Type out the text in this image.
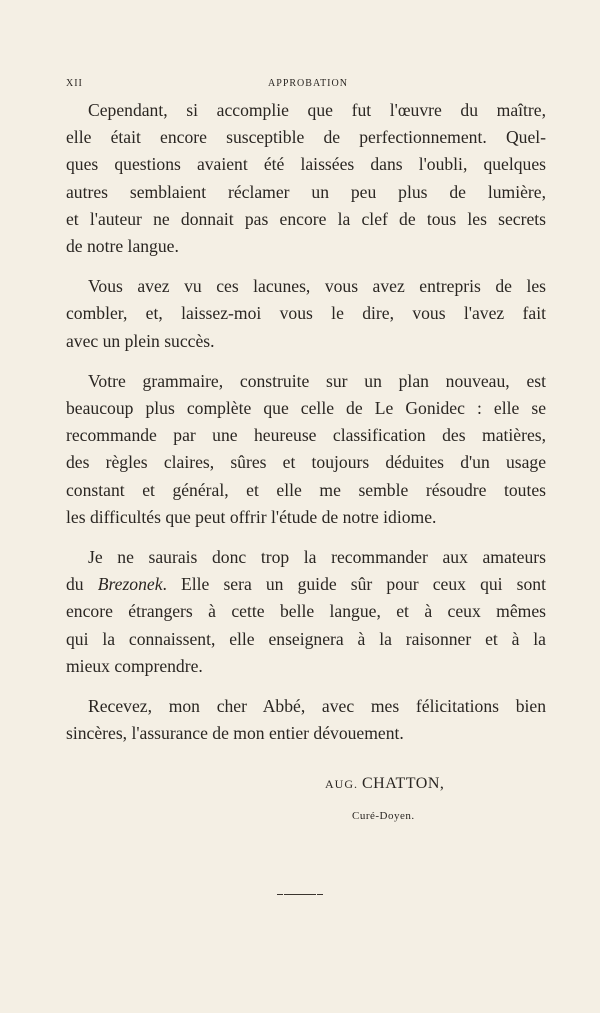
XII	APPROBATION

Cependant, si accomplie que fut l'œuvre du maître,
elle était encore susceptible de perfectionnement. Quel-
ques questions avaient été laissées dans l'oubli, quelques
autres semblaient réclamer un peu plus de lumière,
et l'auteur ne donnait pas encore la clef de tous les secrets
de notre langue.

Vous avez vu ces lacunes, vous avez entrepris de les
combler, et, laissez-moi vous le dire, vous l'avez fait
avec un plein succès.

Votre grammaire, construite sur un plan nouveau, est
beaucoup plus complète que celle de Le Gonidec : elle se
recommande par une heureuse classification des matières,
des règles claires, sûres et toujours déduites d'un usage
constant et général, et elle me semble résoudre toutes
les difficultés que peut offrir l'étude de notre idiome.

Je ne saurais donc trop la recommander aux amateurs
du Brezonek. Elle sera un guide sûr pour ceux qui sont
encore étrangers à cette belle langue, et à ceux mêmes
qui la connaissent, elle enseignera à la raisonner et à la
mieux comprendre.

Recevez, mon cher Abbé, avec mes félicitations bien
sincères, l'assurance de mon entier dévouement.

AUG. CHATTON,
Curé-Doyen.
